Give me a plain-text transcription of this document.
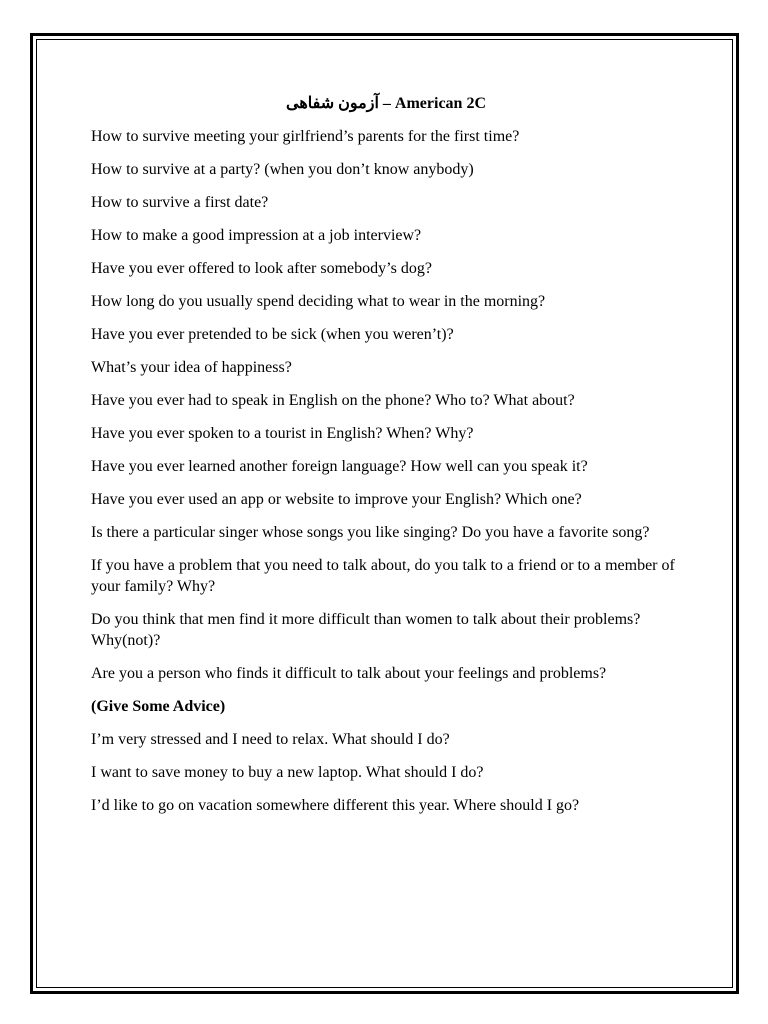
آزمون شفاهی – American 2C

How to survive meeting your girlfriend’s parents for the first time?

How to survive at a party? (when you don’t know anybody)

How to survive a first date?

How to make a good impression at a job interview?

Have you ever offered to look after somebody’s dog?

How long do you usually spend deciding what to wear in the morning?

Have you ever pretended to be sick (when you weren’t)?

What’s your idea of happiness?

Have you ever had to speak in English on the phone? Who to? What about?

Have you ever spoken to a tourist in English? When? Why?

Have you ever learned another foreign language? How well can you speak it?

Have you ever used an app or website to improve your English? Which one?

Is there a particular singer whose songs you like singing? Do you have a favorite song?

If you have a problem that you need to talk about, do you talk to a friend or to a member of your family? Why?

Do you think that men find it more difficult than women to talk about their problems? Why(not)?

Are you a person who finds it difficult to talk about your feelings and problems?

(Give Some Advice)

I’m very stressed and I need to relax. What should I do?

I want to save money to buy a new laptop. What should I do?

I’d like to go on vacation somewhere different this year. Where should I go?
